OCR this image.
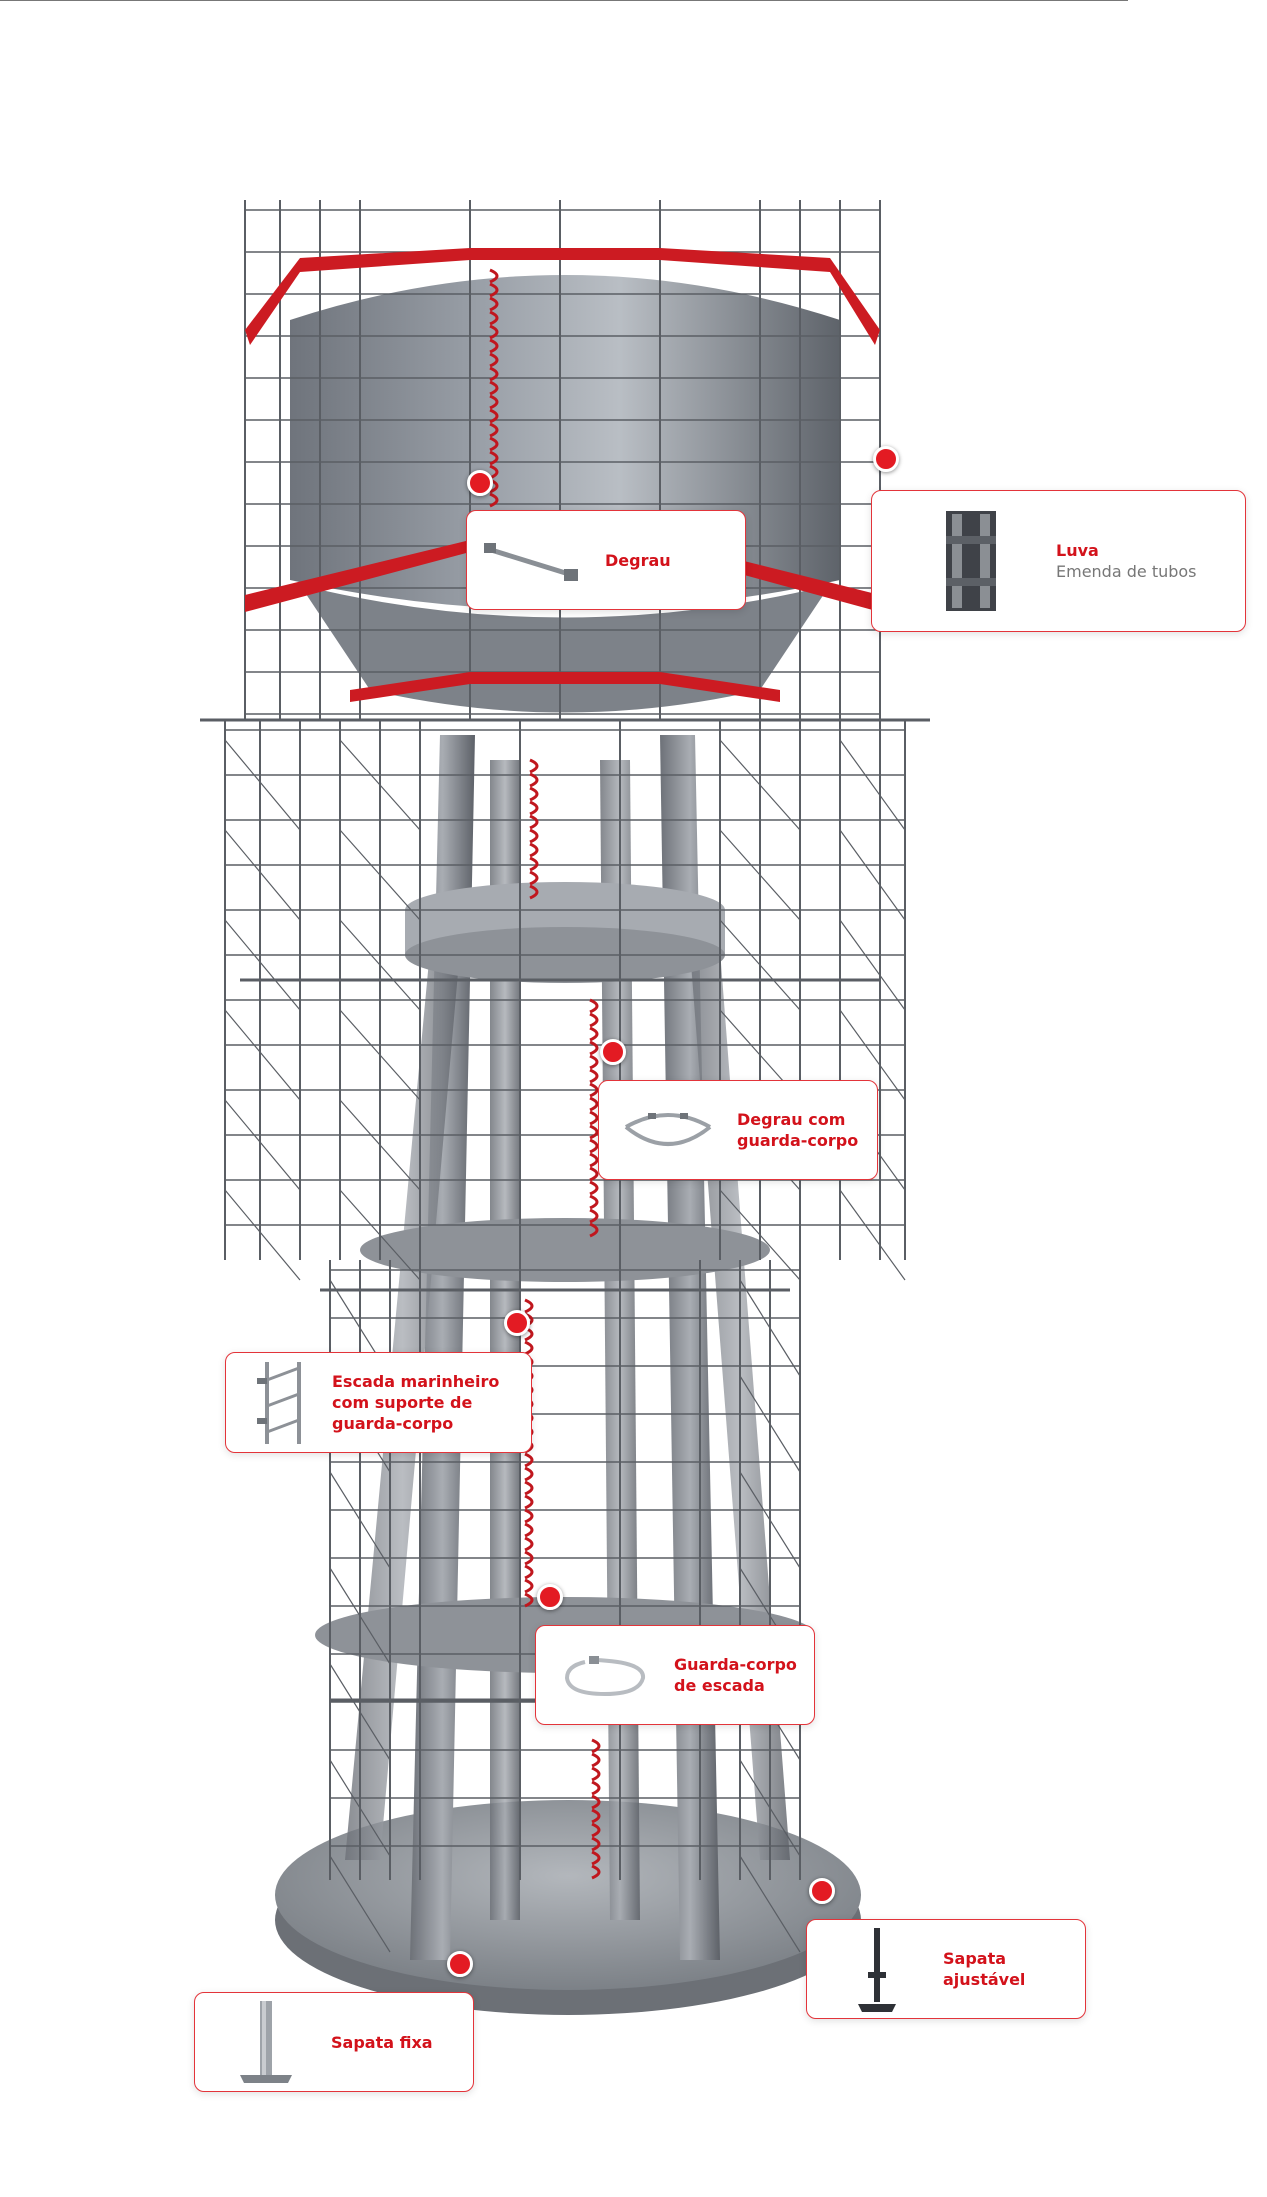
Degrau
Luva
Emenda de tubos
Degrau com
guarda-corpo
Escada marinheiro
com suporte de
guarda-corpo
Guarda-corpo
de escada
Sapata ajustável
Sapata fixa
